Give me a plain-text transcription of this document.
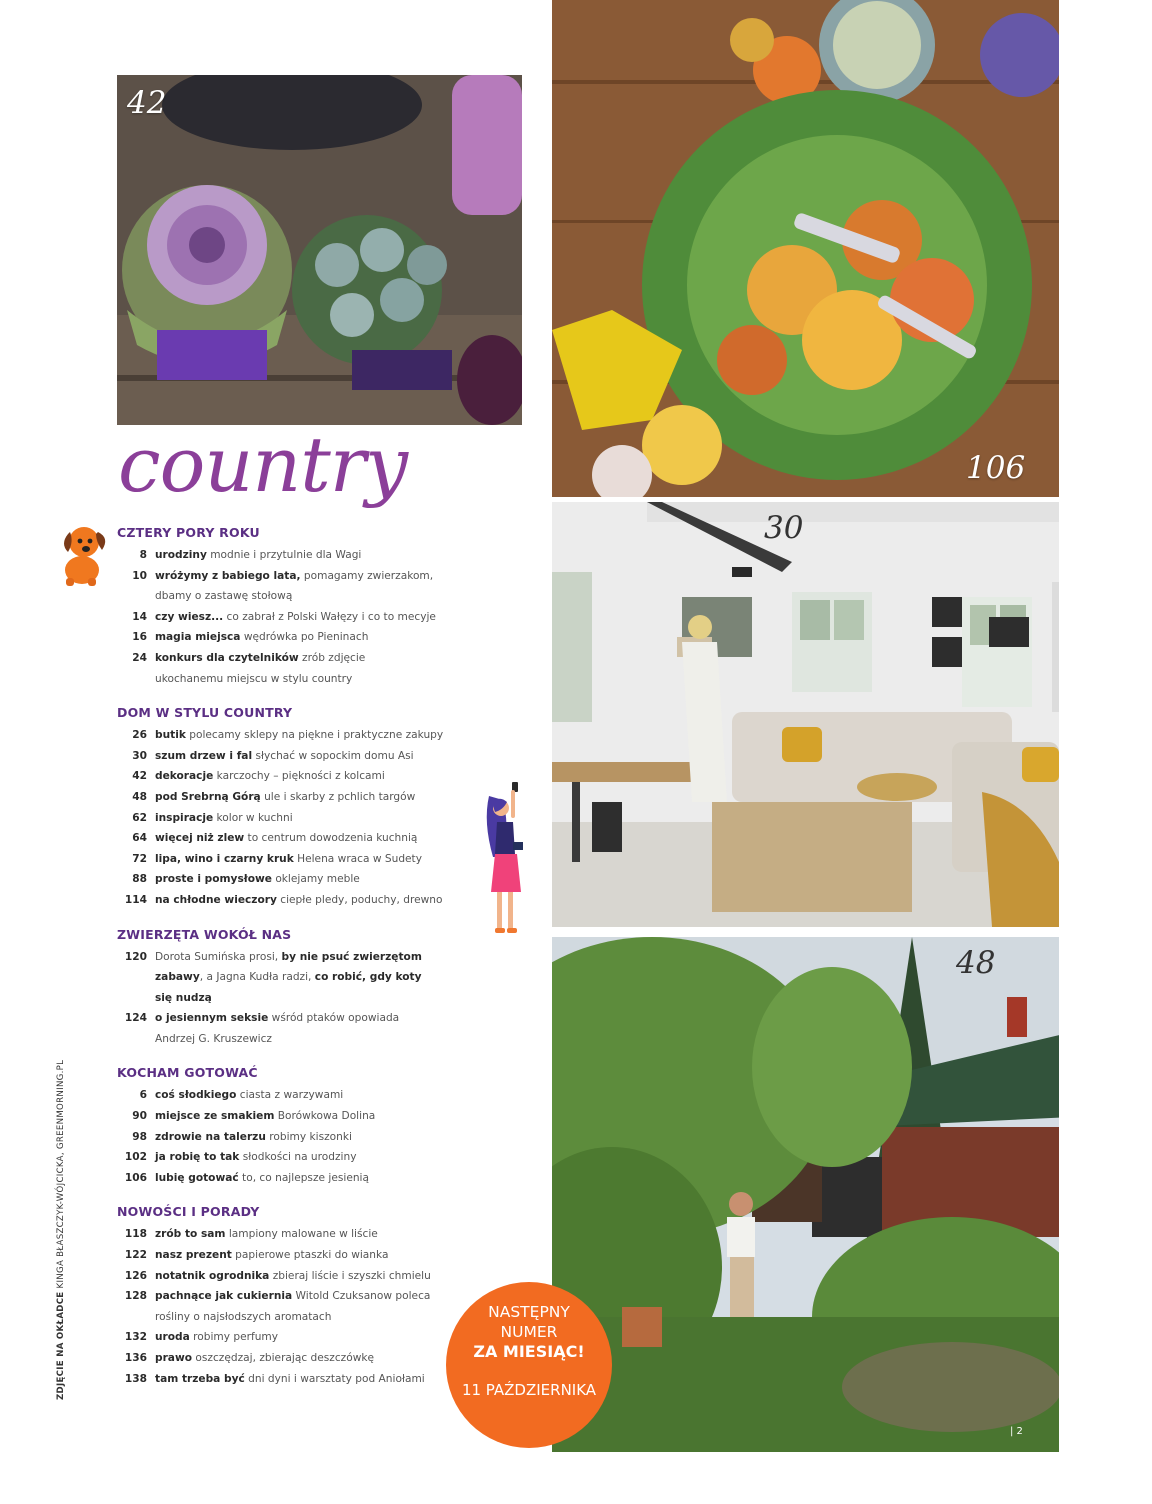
42
106
30
48
country
CZTERY PORY ROKU
8 urodziny modnie i przytulnie dla Wagi
10 wróżymy z babiego lata, pomagamy zwierzakom,
dbamy o zastawę stołową
14 czy wiesz... co zabrał z Polski Wałęzy i co to mecyje
16 magia miejsca wędrówka po Pieninach
24 konkurs dla czytelników zrób zdjęcie
ukochanemu miejscu w stylu country
DOM W STYLU COUNTRY
26 butik polecamy sklepy na piękne i praktyczne zakupy
30 szum drzew i fal słychać w sopockim domu Asi
42 dekoracje karczochy – piękności z kolcami
48 pod Srebrną Górą ule i skarby z pchlich targów
62 inspiracje kolor w kuchni
64 więcej niż zlew to centrum dowodzenia kuchnią
72 lipa, wino i czarny kruk Helena wraca w Sudety
88 proste i pomysłowe oklejamy meble
114 na chłodne wieczory ciepłe pledy, poduchy, drewno
ZWIERZĘTA WOKÓŁ NAS
120 Dorota Sumińska prosi, by nie psuć zwierzętom
zabawy, a Jagna Kudła radzi, co robić, gdy koty
się nudzą
124 o jesiennym seksie wśród ptaków opowiada
Andrzej G. Kruszewicz
KOCHAM GOTOWAĆ
6 coś słodkiego ciasta z warzywami
90 miejsce ze smakiem Borówkowa Dolina
98 zdrowie na talerzu robimy kiszonki
102 ja robię to tak słodkości na urodziny
106 lubię gotować to, co najlepsze jesienią
NOWOŚCI I PORADY
118 zrób to sam lampiony malowane w liście
122 nasz prezent papierowe ptaszki do wianka
126 notatnik ogrodnika zbieraj liście i szyszki chmielu
128 pachnące jak cukiernia Witold Czuksanow poleca
rośliny o najsłodszych aromatach
132 uroda robimy perfumy
136 prawo oszczędzaj, zbierając deszczówkę
138 tam trzeba być dni dyni i warsztaty pod Aniołami
ZDJĘCIE NA OKŁADCE KINGA BŁASZCZYK-WÓJCICKA, GREENMORNING.PL
NASTĘPNY
NUMER
ZA MIESIĄC!
11 PAŹDZIERNIKA
| 2
